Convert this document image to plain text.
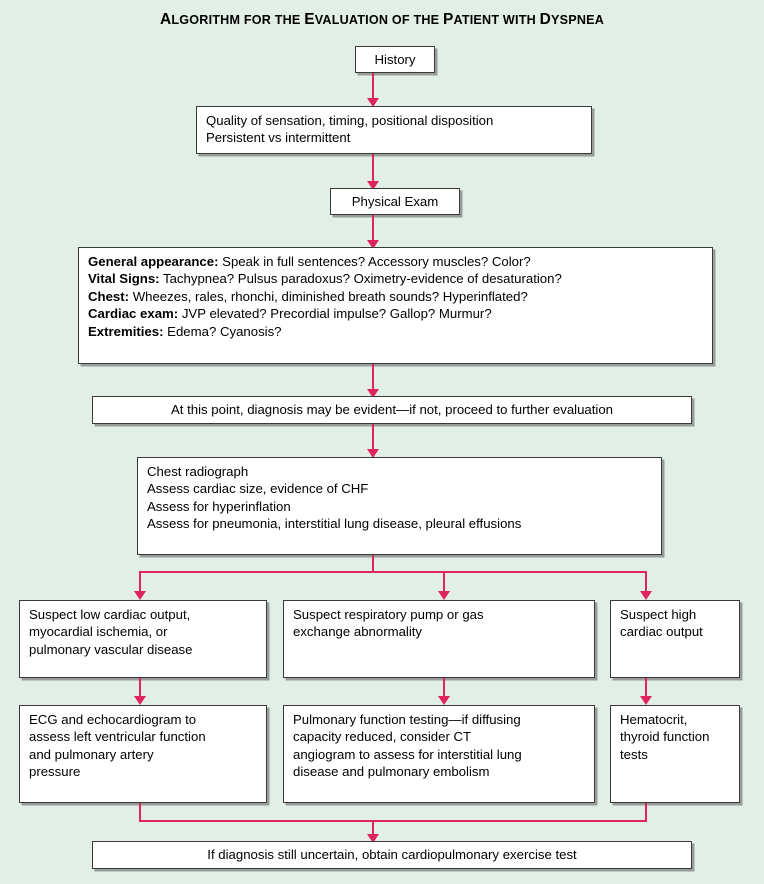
ALGORITHM FOR THE EVALUATION OF THE PATIENT WITH DYSPNEA

History

Quality of sensation, timing, positional disposition

Persistent vs intermittent

Physical Exam

General appearance: Speak in full sentences? Accessory muscles? Color?

Vital Signs: Tachypnea? Pulsus paradoxus? Oximetry-evidence of desaturation?

Chest: Wheezes, rales, rhonchi, diminished breath sounds? Hyperinflated?

Cardiac exam: JVP elevated? Precordial impulse? Gallop? Murmur?

Extremities: Edema? Cyanosis?

At this point, diagnosis may be evident—if not, proceed to further evaluation

Chest radiograph

Assess cardiac size, evidence of CHF

Assess for hyperinflation

Assess for pneumonia, interstitial lung disease, pleural effusions

Suspect low cardiac output,

myocardial ischemia, or

pulmonary vascular disease

Suspect respiratory pump or gas

exchange abnormality

Suspect high

cardiac output

ECG and echocardiogram to

assess left ventricular function

and pulmonary artery

pressure

Pulmonary function testing—if diffusing

capacity reduced, consider CT

angiogram to assess for interstitial lung

disease and pulmonary embolism

Hematocrit,

thyroid function

tests

If diagnosis still uncertain, obtain cardiopulmonary exercise test
